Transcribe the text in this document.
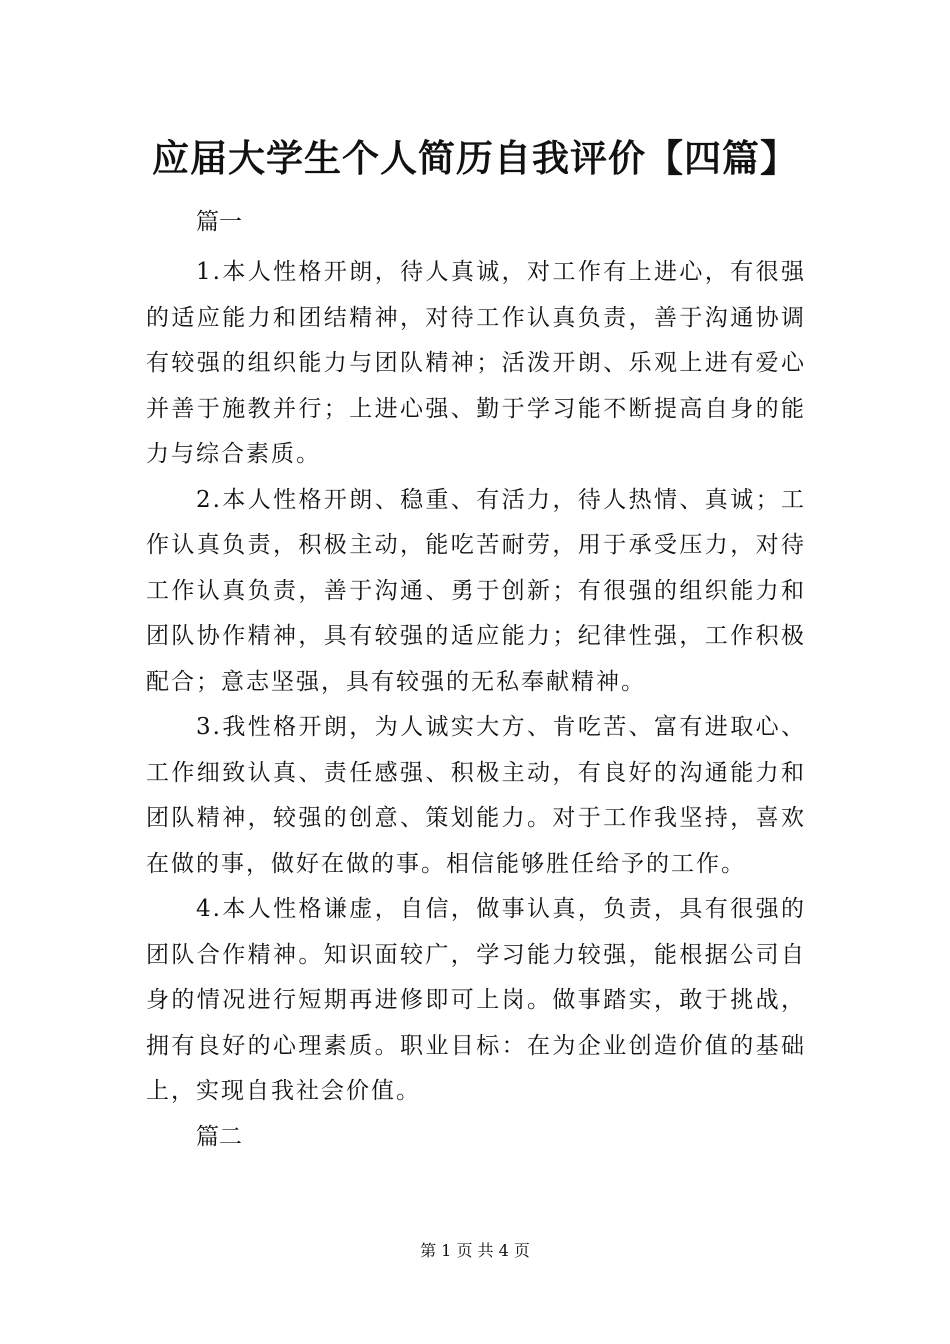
应届大学生个人简历自我评价【四篇】
篇一
1.本人性格开朗，待人真诚，对工作有上进心，有很强的适应能力和团结精神，对待工作认真负责，善于沟通协调有较强的组织能力与团队精神；活泼开朗、乐观上进有爱心并善于施教并行；上进心强、勤于学习能不断提高自身的能力与综合素质。
2.本人性格开朗、稳重、有活力，待人热情、真诚；工作认真负责，积极主动，能吃苦耐劳，用于承受压力，对待工作认真负责，善于沟通、勇于创新；有很强的组织能力和团队协作精神，具有较强的适应能力；纪律性强，工作积极配合；意志坚强，具有较强的无私奉献精神。
3.我性格开朗，为人诚实大方、肯吃苦、富有进取心、工作细致认真、责任感强、积极主动，有良好的沟通能力和团队精神，较强的创意、策划能力。对于工作我坚持，喜欢在做的事，做好在做的事。相信能够胜任给予的工作。
4.本人性格谦虚，自信，做事认真，负责，具有很强的团队合作精神。知识面较广，学习能力较强，能根据公司自身的情况进行短期再进修即可上岗。做事踏实，敢于挑战，拥有良好的心理素质。职业目标：在为企业创造价值的基础上，实现自我社会价值。
篇二
第 1 页 共 4 页
